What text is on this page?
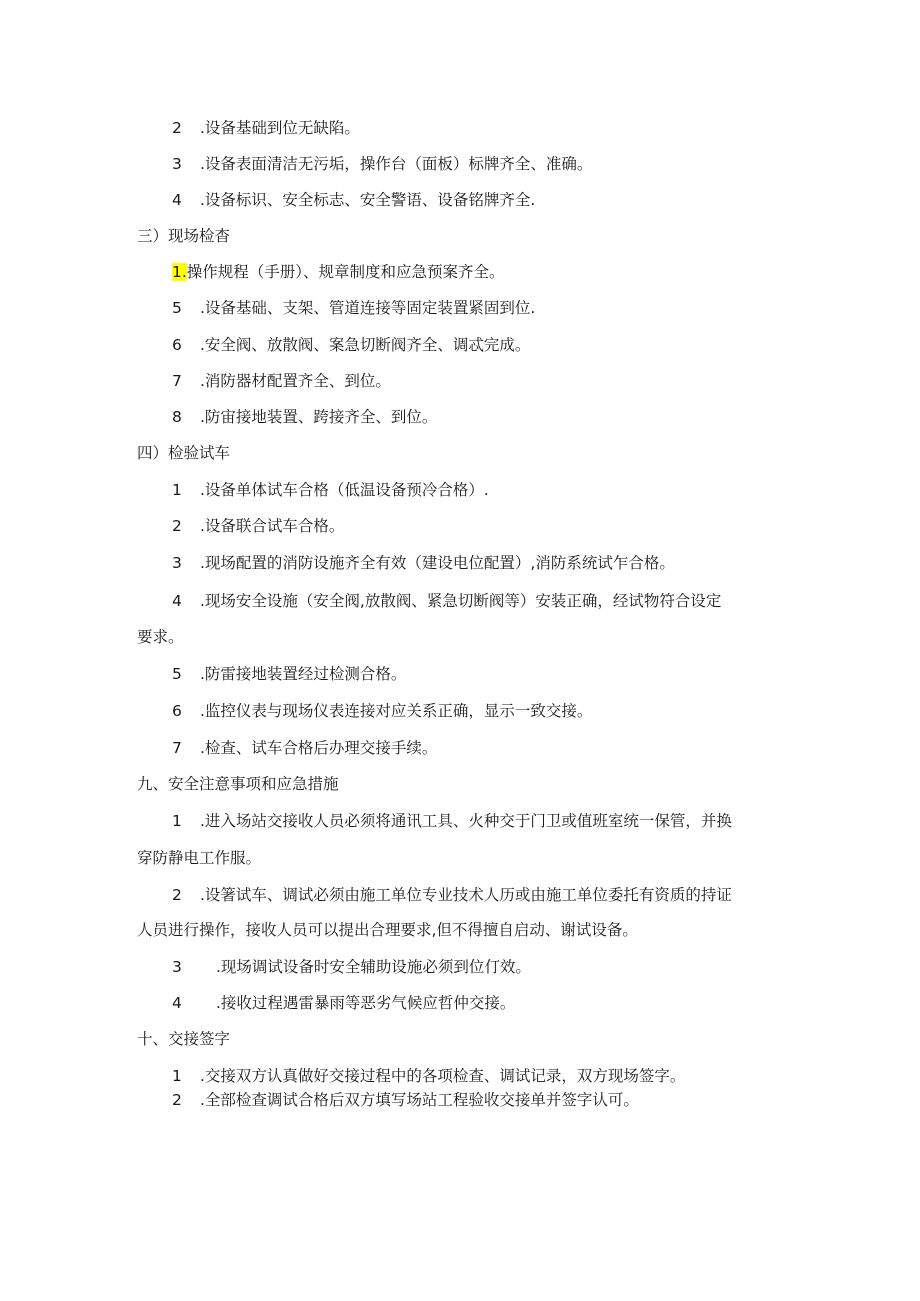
2 .设备基础到位无缺陷。
3 .设备表面清洁无污垢，操作台（面板）标牌齐全、准确。
4 .设备标识、安全标志、安全警语、设备铭牌齐全.
三）现场检杳
1.操作规程（手册）、规章制度和应急预案齐全。
5 .设备基础、支架、管道连接等固定装置紧固到位.
6 .安全阀、放散阀、案急切断阀齐全、调忒完成。
7 .消防器材配置齐全、到位。
8 .防宙接地装置、跨接齐全、到位。
四）检验试车
1 .设备单体试车合格（低温设备预冷合格）.
2 .设备联合试车合格。
3 .现场配置的消防设施齐全有效（建设电位配置）,消防系统试乍合格。
4 .现场安全设施（安全阀,放散阀、紧急切断阀等）安装正确，经试物符合设定
要求。
5 .防雷接地装置经过检测合格。
6 .监控仪表与现场仪表连接对应关系正确，显示一致交接。
7 .检查、试车合格后办理交接手续。
九、安全注意事项和应急措施
1 .进入场站交接收人员必须将通讯工具、火种交于门卫或值班室统一保管，并换
穿防静电工作服。
2 .设箸试车、调试必须由施工单位专业技术人历或由施工单位委托有资质的持证
人员进行操作，接收人员可以提出合理要求,但不得擅自启动、谢试设备。
3 .现场调试设备时安全辅助设施必须到位仃效。
4 .接收过程遇雷暴雨等恶劣气候应哲仲交接。
十、交接签字
1 .交接双方认真做好交接过程中的各项检查、调试记录，双方现场签字。
2 .全部检查调试合格后双方填写场站工程验收交接单并签字认可。
